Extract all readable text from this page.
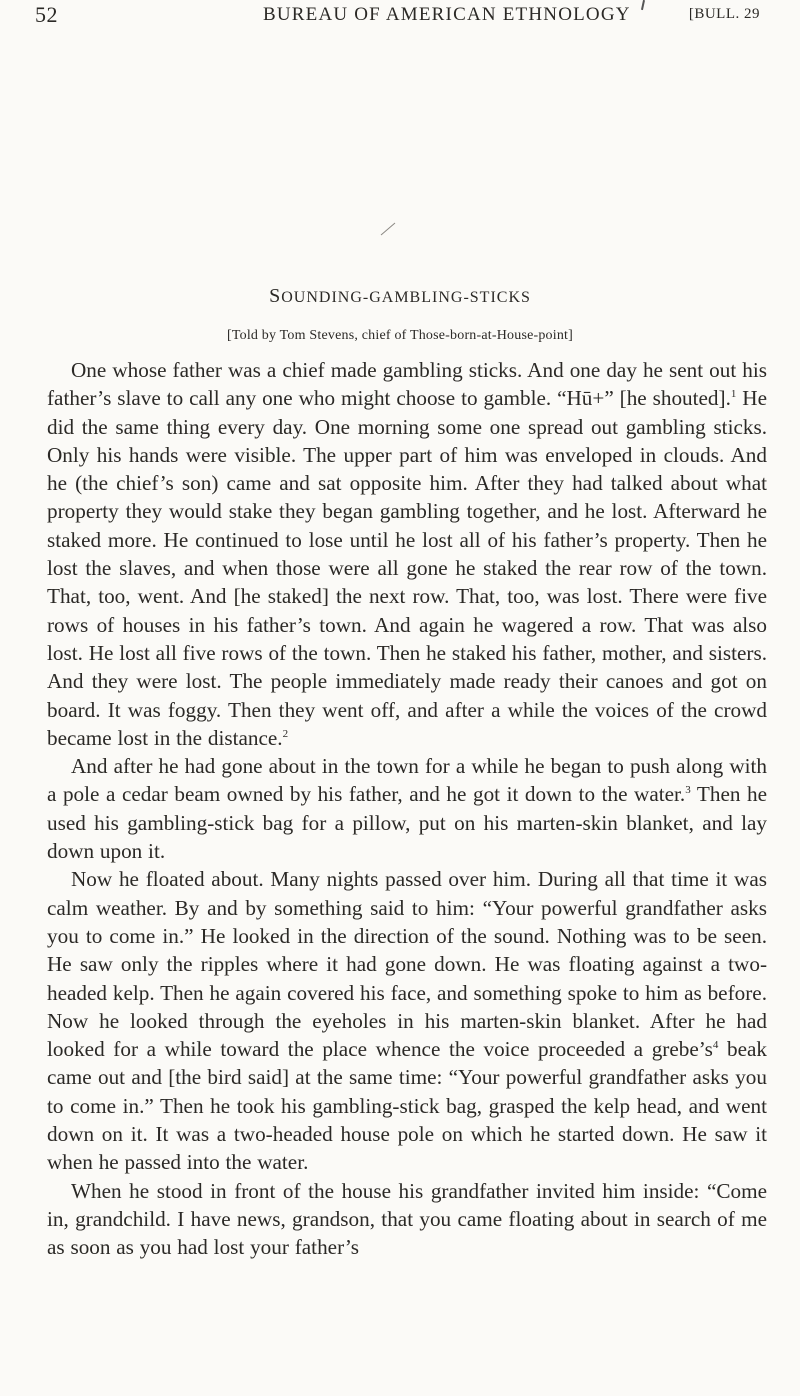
52	BUREAU OF AMERICAN ETHNOLOGY	[BULL. 29
SOUNDING-GAMBLING-STICKS
[Told by Tom Stevens, chief of Those-born-at-House-point]

One whose father was a chief made gambling sticks. And one day he sent out his father’s slave to call any one who might choose to gamble. “Hū+” [he shouted].$^1$ He did the same thing every day. One morning some one spread out gambling sticks. Only his hands were visible. The upper part of him was enveloped in clouds. And he (the chief’s son) came and sat opposite him. After they had talked about what property they would stake they began gambling together, and he lost. Afterward he staked more. He continued to lose until he lost all of his father’s property. Then he lost the slaves, and when those were all gone he staked the rear row of the town. That, too, went. And [he staked] the next row. That, too, was lost. There were five rows of houses in his father’s town. And again he wagered a row. That was also lost. He lost all five rows of the town. Then he staked his father, mother, and sisters. And they were lost. The people immediately made ready their canoes and got on board. It was foggy. Then they went off, and after a while the voices of the crowd became lost in the distance.$^2$

And after he had gone about in the town for a while he began to push along with a pole a cedar beam owned by his father, and he got it down to the water.$^3$ Then he used his gambling-stick bag for a pillow, put on his marten-skin blanket, and lay down upon it.

Now he floated about. Many nights passed over him. During all that time it was calm weather. By and by something said to him: “Your powerful grandfather asks you to come in.” He looked in the direction of the sound. Nothing was to be seen. He saw only the ripples where it had gone down. He was floating against a two-headed kelp. Then he again covered his face, and something spoke to him as before. Now he looked through the eyeholes in his marten-skin blanket. After he had looked for a while toward the place whence the voice proceeded a $grebe’s^4$ beak came out and [the bird said] at the same time: “Your powerful grandfather asks you to come in.” Then he took his gambling-stick bag, grasped the kelp head, and went down on it. It was a two-headed house pole on which he started down. He saw it when he passed into the water.

When he stood in front of the house his grandfather invited him inside: “Come in, grandchild. I have news, grandson, that you came floating about in search of me as soon as you had lost your father’s
